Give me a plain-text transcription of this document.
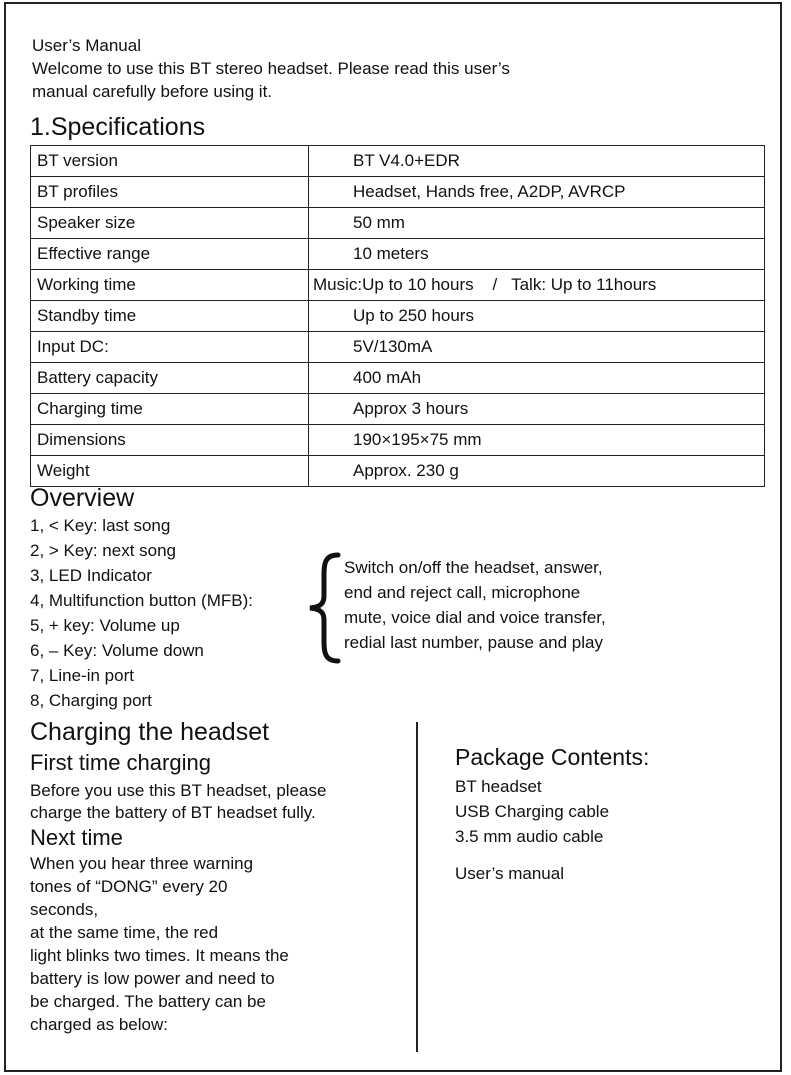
User’s Manual
Welcome to use this BT stereo headset. Please read this user’s
manual carefully before using it.
1.Specifications
BT version	BT V4.0+EDR
BT profiles	Headset, Hands free, A2DP, AVRCP
Speaker size	50 mm
Effective range	10 meters
Working time	Music:Up to 10 hours    /   Talk: Up to 11hours
Standby time	Up to 250 hours
Input DC:	5V/130mA
Battery capacity	400 mAh
Charging time	Approx 3 hours
Dimensions	190×195×75 mm
Weight	Approx. 230 g
Overview
1, < Key: last song
2, > Key: next song
3, LED Indicator
4, Multifunction button (MFB):
5, + key: Volume up
6, – Key: Volume down
7, Line-in port
8, Charging port
Switch on/off the headset, answer,
end and reject call, microphone
mute, voice dial and voice transfer,
redial last number, pause and play
Charging the headset
First time charging
Before you use this BT headset, please
charge the battery of BT headset fully.
Next time
When you hear three warning
tones of “DONG” every 20
seconds,
at the same time, the red
light blinks two times. It means the
battery is low power and need to
be charged. The battery can be
charged as below:
Package Contents:
BT headset
USB Charging cable
3.5 mm audio cable
User’s manual
